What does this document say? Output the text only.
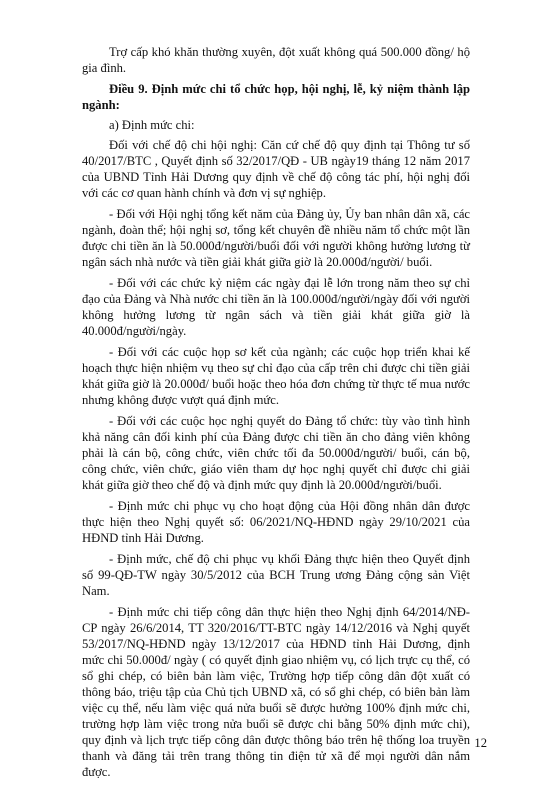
Trợ cấp khó khăn thường xuyên, đột xuất không quá 500.000 đồng/ hộ gia đình.

Điều 9. Định mức chi tổ chức họp, hội nghị, lễ, kỷ niệm thành lập ngành:

a) Định mức chi:

Đối với chế độ chi hội nghị: Căn cứ chế độ quy định tại Thông tư số 40/2017/BTC , Quyết định số 32/2017/QĐ - UB ngày19 tháng 12 năm 2017 của UBND Tỉnh Hải Dương quy định về chế độ công tác phí, hội nghị đối với các cơ quan hành chính và đơn vị sự nghiệp.

- Đối với Hội nghị tổng kết năm của Đảng ủy, Ủy ban nhân dân xã, các ngành, đoàn thể; hội nghị sơ, tổng kết chuyên đề nhiều năm tổ chức một lần được chi tiền ăn là 50.000đ/người/buổi đối với người không hưởng lương từ ngân sách nhà nước và tiền giải khát giữa giờ là 20.000đ/người/ buổi.

- Đối với các chức kỷ niệm các ngày đại lễ lớn trong năm theo sự chỉ đạo của Đảng và Nhà nước chi tiền ăn là 100.000đ/người/ngày đối với người không hưởng lương từ ngân sách và tiền giải khát giữa giờ là 40.000đ/người/ngày.

- Đối với các cuộc họp sơ kết của ngành; các cuộc họp triển khai kế hoạch thực hiện nhiệm vụ theo sự chỉ đạo của cấp trên chi được chi tiền giải khát giữa giờ là 20.000đ/ buổi hoặc theo hóa đơn chứng từ thực tế mua nước nhưng không được vượt quá định mức.

- Đối với các cuộc học nghị quyết do Đảng tổ chức: tùy vào tình hình khả năng cân đối kinh phí của Đảng được chi tiền ăn cho đảng viên không phải là cán bộ, công chức, viên chức tối đa 50.000đ/người/ buổi, cán bộ, công chức, viên chức, giáo viên tham dự học nghị quyết chỉ được chi giải khát giữa giờ theo chế độ và định mức quy định là 20.000đ/người/buổi.

- Định mức chi phục vụ cho hoạt động của Hội đồng nhân dân được thực hiện theo Nghị quyết số: 06/2021/NQ-HĐND ngày 29/10/2021 của HĐND tỉnh Hải Dương.

- Định mức, chế độ chi phục vụ khối Đảng thực hiện theo Quyết định số 99-QĐ-TW ngày 30/5/2012 của BCH Trung ương Đảng cộng sản Việt Nam.

- Định mức chi tiếp công dân thực hiện theo Nghị định 64/2014/NĐ-CP ngày 26/6/2014, TT 320/2016/TT-BTC ngày 14/12/2016 và Nghị quyết 53/2017/NQ-HĐND ngày 13/12/2017 của HĐND tỉnh Hải Dương, định mức chi 50.000đ/ ngày ( có quyết định giao nhiệm vụ, có lịch trực cụ thể, có sổ ghi chép, có biên bản làm việc, Trường hợp tiếp công dân đột xuất có thông báo, triệu tập của Chủ tịch UBND xã, có sổ ghi chép, có biên bản làm việc cụ thể, nếu làm việc quá nửa buổi sẽ được hưởng 100% định mức chi, trường hợp làm việc trong nửa buổi sẽ được chi bằng 50% định mức chi), quy định và lịch trực tiếp công dân được thông báo trên hệ thống loa truyền thanh và đăng tải trên trang thông tin điện tử xã để mọi người dân nắm được.

12
